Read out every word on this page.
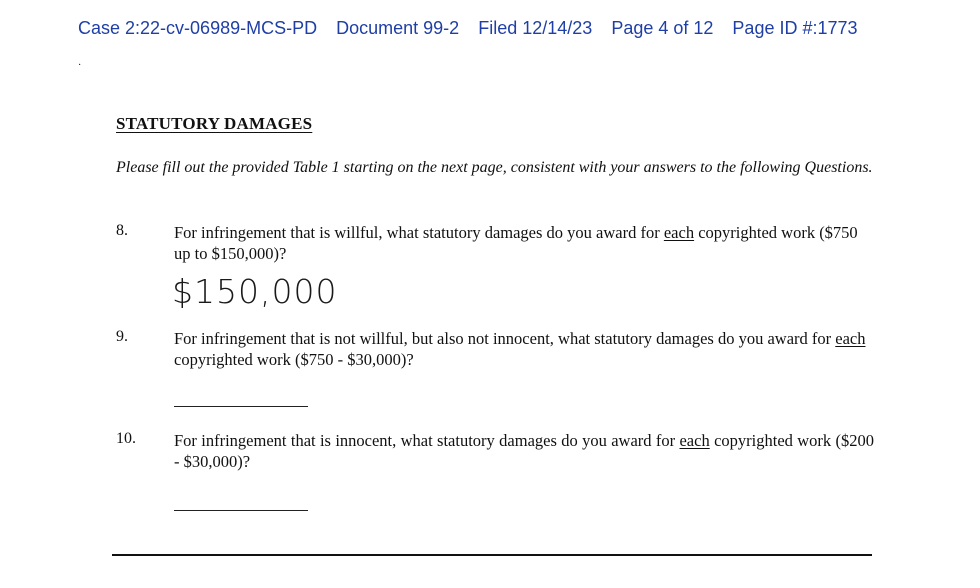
Case 2:22-cv-06989-MCS-PD Document 99-2 Filed 12/14/23 Page 4 of 12 Page ID #:1773
·
STATUTORY DAMAGES
Please fill out the provided Table 1 starting on the next page, consistent with your answers to the following Questions.
8.	For infringement that is willful, what statutory damages do you award for each copyrighted work ($750 up to $150,000)?
$150,000
9.	For infringement that is not willful, but also not innocent, what statutory damages do you award for each copyrighted work ($750 - $30,000)?
10. For infringement that is innocent, what statutory damages do you award for each copyrighted work ($200 - $30,000)?
